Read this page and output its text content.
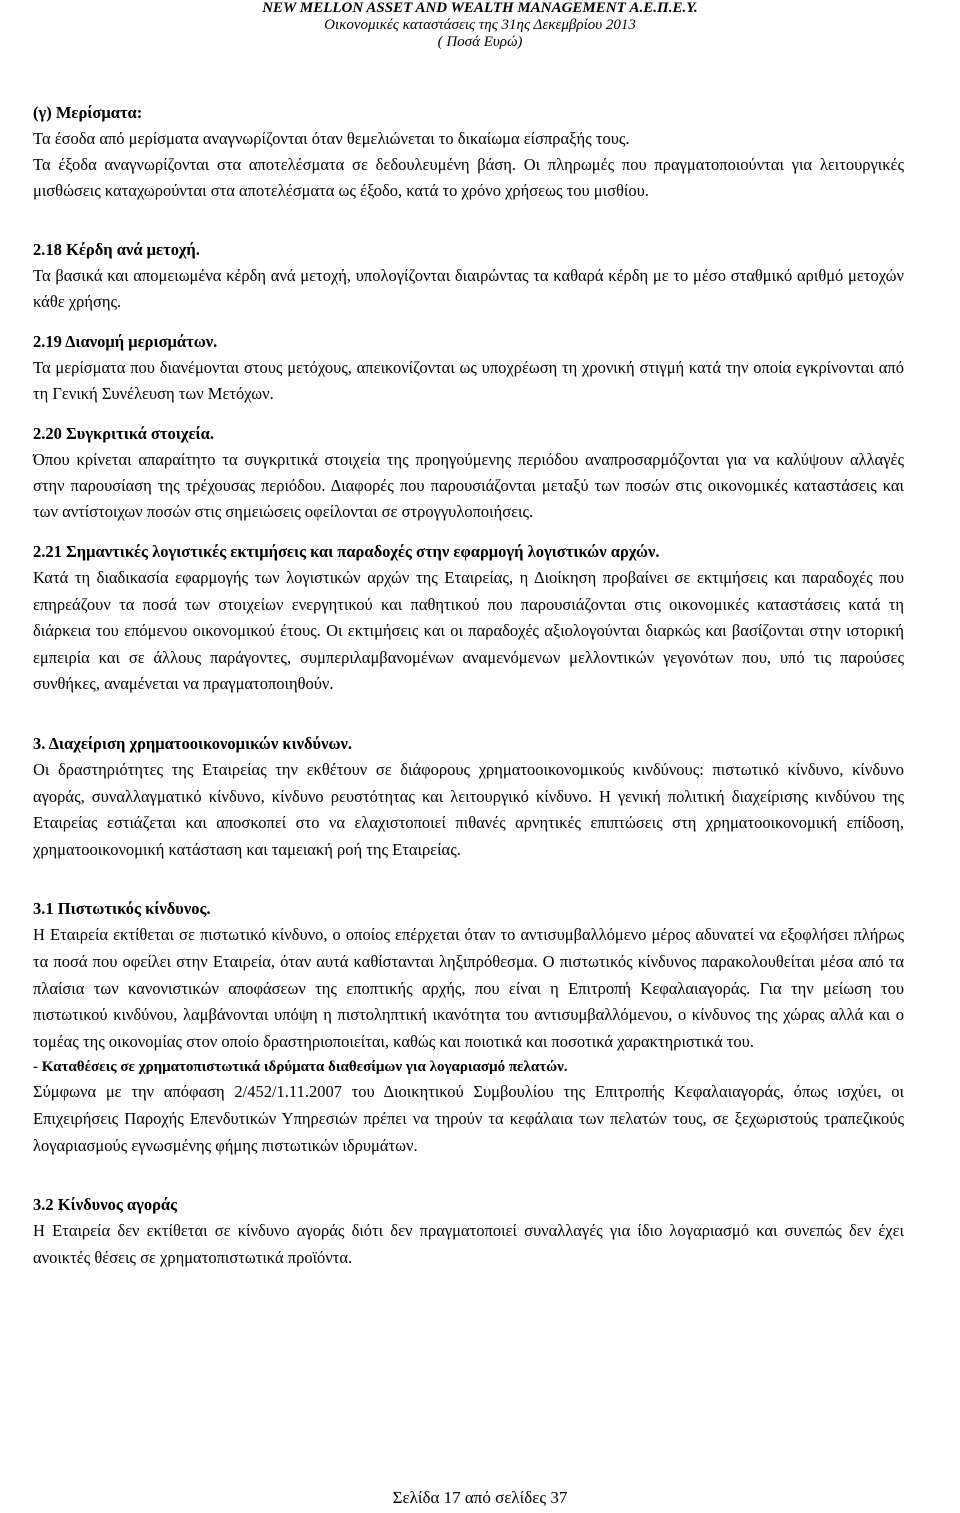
NEW MELLON ASSET AND WEALTH MANAGEMENT Α.Ε.Π.Ε.Υ.
Οικονομικές καταστάσεις της 31ης Δεκεμβρίου 2013
( Ποσά Ευρώ)
(γ) Μερίσματα:
Τα έσοδα από μερίσματα αναγνωρίζονται όταν θεμελιώνεται το δικαίωμα είσπραξής τους.
Τα έξοδα αναγνωρίζονται στα αποτελέσματα σε δεδουλευμένη βάση. Οι πληρωμές που πραγματοποιούνται για λειτουργικές μισθώσεις καταχωρούνται στα αποτελέσματα ως έξοδο, κατά το χρόνο χρήσεως του μισθίου.
2.18 Κέρδη ανά μετοχή.
Τα βασικά και απομειωμένα κέρδη ανά μετοχή, υπολογίζονται διαιρώντας τα καθαρά κέρδη με το μέσο σταθμικό αριθμό μετοχών κάθε χρήσης.
2.19 Διανομή μερισμάτων.
Τα μερίσματα που διανέμονται στους μετόχους, απεικονίζονται ως υποχρέωση τη χρονική στιγμή κατά την οποία εγκρίνονται από τη Γενική Συνέλευση των Μετόχων.
2.20 Συγκριτικά στοιχεία.
Όπου κρίνεται απαραίτητο τα συγκριτικά στοιχεία της προηγούμενης περιόδου αναπροσαρμόζονται για να καλύψουν αλλαγές στην παρουσίαση της τρέχουσας περιόδου. Διαφορές που παρουσιάζονται μεταξύ των ποσών στις οικονομικές καταστάσεις και των αντίστοιχων ποσών στις σημειώσεις οφείλονται σε στρογγυλοποιήσεις.
2.21 Σημαντικές λογιστικές εκτιμήσεις και παραδοχές στην εφαρμογή λογιστικών αρχών.
Κατά τη διαδικασία εφαρμογής των λογιστικών αρχών της Εταιρείας, η Διοίκηση προβαίνει σε εκτιμήσεις και παραδοχές που επηρεάζουν τα ποσά των στοιχείων ενεργητικού και παθητικού που παρουσιάζονται στις οικονομικές καταστάσεις κατά τη διάρκεια του επόμενου οικονομικού έτους. Οι εκτιμήσεις και οι παραδοχές αξιολογούνται διαρκώς και βασίζονται στην ιστορική εμπειρία και σε άλλους παράγοντες, συμπεριλαμβανομένων αναμενόμενων μελλοντικών γεγονότων που, υπό τις παρούσες συνθήκες, αναμένεται να πραγματοποιηθούν.
3. Διαχείριση χρηματοοικονομικών κινδύνων.
Οι δραστηριότητες της Εταιρείας την εκθέτουν σε διάφορους χρηματοοικονομικούς κινδύνους: πιστωτικό κίνδυνο, κίνδυνο αγοράς, συναλλαγματικό κίνδυνο, κίνδυνο ρευστότητας και λειτουργικό κίνδυνο. Η γενική πολιτική διαχείρισης κινδύνου της Εταιρείας εστιάζεται και αποσκοπεί στο να ελαχιστοποιεί πιθανές αρνητικές επιπτώσεις στη χρηματοοικονομική επίδοση, χρηματοοικονομική κατάσταση και ταμειακή ροή της Εταιρείας.
3.1 Πιστωτικός κίνδυνος.
Η Εταιρεία εκτίθεται σε πιστωτικό κίνδυνο, ο οποίος επέρχεται όταν το αντισυμβαλλόμενο μέρος αδυνατεί να εξοφλήσει πλήρως τα ποσά που οφείλει στην Εταιρεία, όταν αυτά καθίστανται ληξιπρόθεσμα. Ο πιστωτικός κίνδυνος παρακολουθείται μέσα από τα πλαίσια των κανονιστικών αποφάσεων της εποπτικής αρχής, που είναι η Επιτροπή Κεφαλαιαγοράς. Για την μείωση του πιστωτικού κινδύνου, λαμβάνονται υπόψη η πιστοληπτική ικανότητα του αντισυμβαλλόμενου, ο κίνδυνος της χώρας αλλά και ο τομέας της οικονομίας στον οποίο δραστηριοποιείται, καθώς και ποιοτικά και ποσοτικά χαρακτηριστικά του.
- Καταθέσεις σε χρηματοπιστωτικά ιδρύματα διαθεσίμων για λογαριασμό πελατών.
Σύμφωνα με την απόφαση 2/452/1.11.2007 του Διοικητικού Συμβουλίου της Επιτροπής Κεφαλαιαγοράς, όπως ισχύει, οι Επιχειρήσεις Παροχής Επενδυτικών Υπηρεσιών πρέπει να τηρούν τα κεφάλαια των πελατών τους, σε ξεχωριστούς τραπεζικούς λογαριασμούς εγνωσμένης φήμης πιστωτικών ιδρυμάτων.
3.2 Κίνδυνος αγοράς
Η Εταιρεία δεν εκτίθεται σε κίνδυνο αγοράς διότι δεν πραγματοποιεί συναλλαγές για ίδιο λογαριασμό και συνεπώς δεν έχει ανοικτές θέσεις σε χρηματοπιστωτικά προϊόντα.
Σελίδα 17 από σελίδες 37
